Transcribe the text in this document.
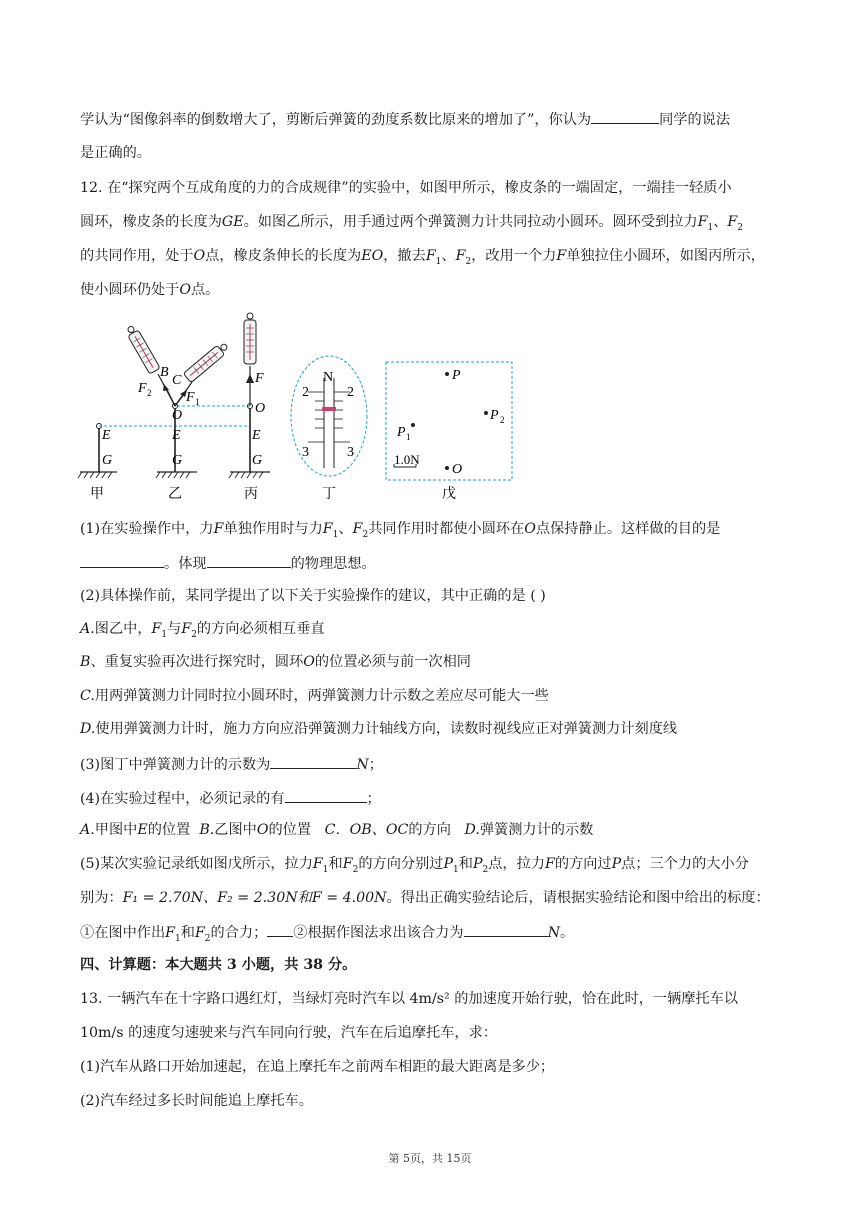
学认为“图像斜率的倒数增大了，剪断后弹簧的劲度系数比原来的增加了”，你认为	同学的说法
是正确的。
12. 在“探究两个互成角度的力的合成规律”的实验中，如图甲所示，橡皮条的一端固定，一端挂一轻质小
圆环，橡皮条的长度为GE。如图乙所示，用手通过两个弹簧测力计共同拉动小圆环。圆环受到拉力$F_1$、$F_2$
的共同作用，处于O点，橡皮条伸长的长度为EO，撤去$F_1$、$F_2$，改用一个力F单独拉住小圆环，如图丙所示，
使小圆环仍处于O点。
E
G
甲
B
C
F 2 F 1
O
E
G
乙
F
O
E
G
丙
N
2	2
3	3
丁
P
P 2
P 1
1.0N
O
戊
(1)在实验操作中，力F单独作用时与力$F_1$、$F_2$共同作用时都使小圆环在O点保持静止。这样做的目的是
。体现	的物理思想。
(2)具体操作前，某同学提出了以下关于实验操作的建议，其中正确的是 ( )
A.图乙中，$F_1$与$F_2$的方向必须相互垂直
B、重复实验再次进行探究时，圆环O的位置必须与前一次相同
C.用两弹簧测力计同时拉小圆环时，两弹簧测力计示数之差应尽可能大一些
D.使用弹簧测力计时，施力方向应沿弹簧测力计轴线方向，读数时视线应正对弹簧测力计刻度线
(3)图丁中弹簧测力计的示数为	N；
(4)在实验过程中，必须记录的有	；
A.甲图中E的位置 B.乙图中O的位置 C．OB、OC的方向 D.弹簧测力计的示数
(5)某次实验记录纸如图戊所示，拉力$F_1$和$F_2$的方向分别过$P_1$和$P_2$点，拉力F的方向过P点；三个力的大小分
别为：F₁ = 2.70N、F₂ = 2.30N和F = 4.00N。得出正确实验结论后，请根据实验结论和图中给出的标度：
①在图中作出$F_1$和$F_2$的合力； ②根据作图法求出该合力为	N。
四、计算题：本大题共 3 小题，共 38 分。
13. 一辆汽车在十字路口遇红灯，当绿灯亮时汽车以 4m/s² 的加速度开始行驶，恰在此时，一辆摩托车以
10m/s 的速度匀速驶来与汽车同向行驶，汽车在后追摩托车，求：
(1)汽车从路口开始加速起，在追上摩托车之前两车相距的最大距离是多少；
(2)汽车经过多长时间能追上摩托车。
第 5页，共 15页
